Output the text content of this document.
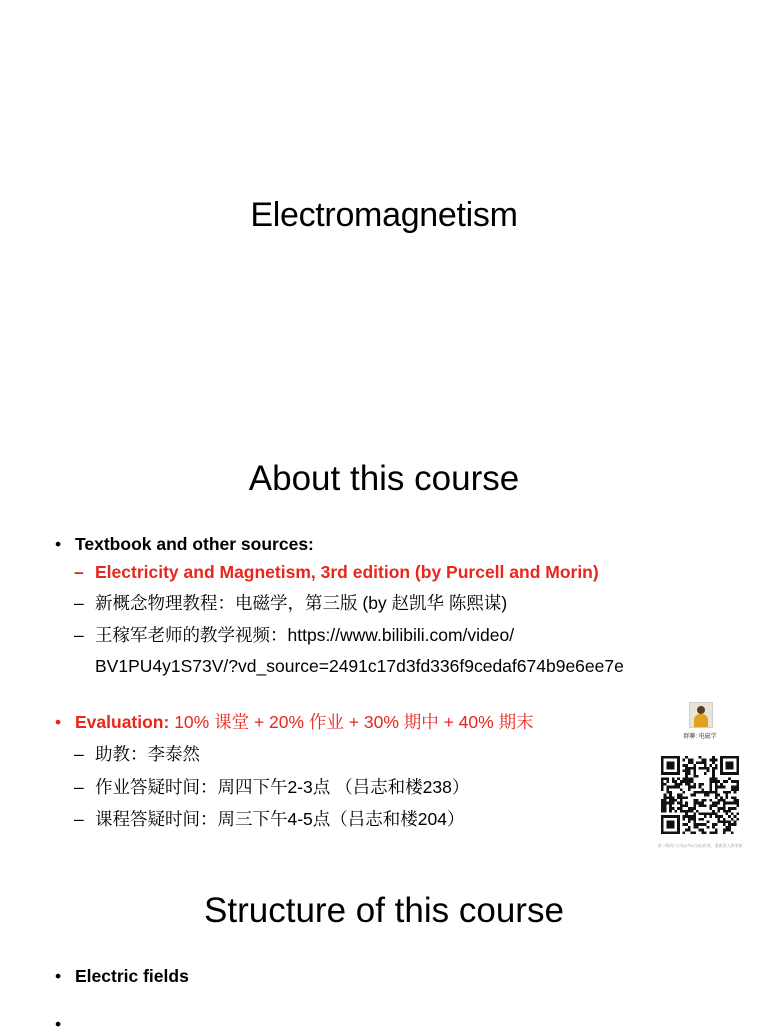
Electromagnetism
About this course
• Textbook and other sources:
– Electricity and Magnetism, 3rd edition (by Purcell and Morin)
– 新概念物理教程：电磁学，第三版 (by 赵凯华 陈熙谋)
– 王稼军老师的教学视频：https://www.bilibili.com/video/
BV1PU4y1S73V/?vd_source=2491c17d3fd336f9cedaf674b9e6ee7e
• Evaluation: 10% 课堂 + 20% 作业 + 30% 期中 + 40% 期末
– 助教：李泰然
– 作业答疑时间：周四下午2-3点 （吕志和楼238）
– 课程答疑时间：周三下午4-5点（吕志和楼204）
群聊: 电磁学
该二维码7天内(3月4日前)有效，重新进入将更新
Structure of this course
• Electric fields
•
